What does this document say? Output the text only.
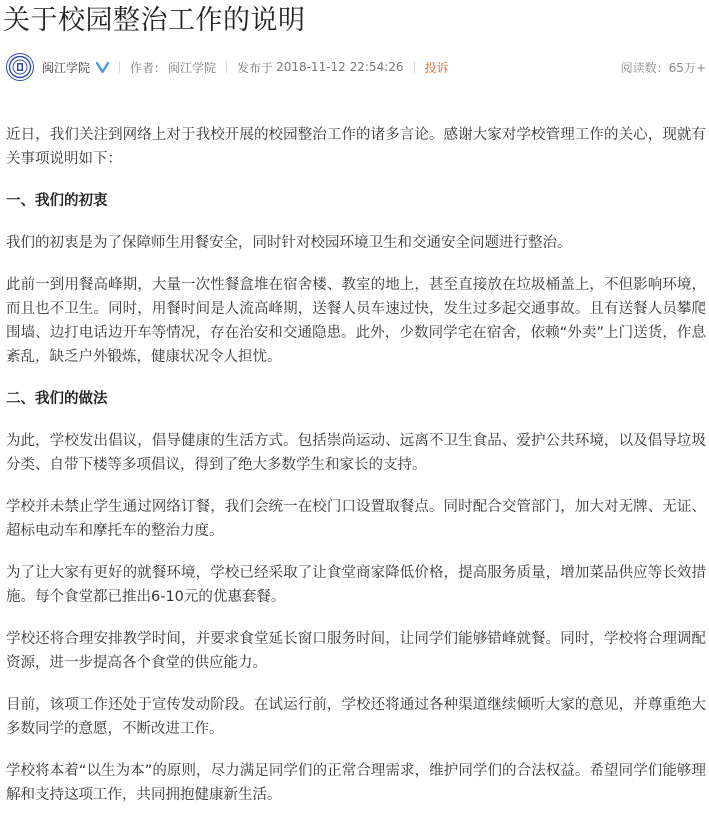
关于校园整治工作的说明
闽江学院	作者： 闽江学院 发布于 2018-11-12 22:54:26 投诉	阅读数：65万+

近日，我们关注到网络上对于我校开展的校园整治工作的诸多言论。感谢大家对学校管理工作的关心，现就有关事项说明如下：

一、我们的初衷

我们的初衷是为了保障师生用餐安全，同时针对校园环境卫生和交通安全问题进行整治。

此前一到用餐高峰期，大量一次性餐盒堆在宿舍楼、教室的地上，甚至直接放在垃圾桶盖上，不但影响环境，而且也不卫生。同时，用餐时间是人流高峰期，送餐人员车速过快，发生过多起交通事故。且有送餐人员攀爬围墙、边打电话边开车等情况，存在治安和交通隐患。此外，少数同学宅在宿舍，依赖“外卖”上门送货，作息紊乱，缺乏户外锻炼，健康状况令人担忧。

二、我们的做法

为此，学校发出倡议，倡导健康的生活方式。包括崇尚运动、远离不卫生食品、爱护公共环境，以及倡导垃圾分类、自带下楼等多项倡议，得到了绝大多数学生和家长的支持。

学校并未禁止学生通过网络订餐，我们会统一在校门口设置取餐点。同时配合交管部门，加大对无牌、无证、超标电动车和摩托车的整治力度。

为了让大家有更好的就餐环境，学校已经采取了让食堂商家降低价格，提高服务质量，增加菜品供应等长效措施。每个食堂都已推出6-10元的优惠套餐。

学校还将合理安排教学时间，并要求食堂延长窗口服务时间，让同学们能够错峰就餐。同时，学校将合理调配资源，进一步提高各个食堂的供应能力。

目前，该项工作还处于宣传发动阶段。在试运行前，学校还将通过各种渠道继续倾听大家的意见，并尊重绝大多数同学的意愿，不断改进工作。

学校将本着“以生为本”的原则，尽力满足同学们的正常合理需求，维护同学们的合法权益。希望同学们能够理解和支持这项工作，共同拥抱健康新生活。
